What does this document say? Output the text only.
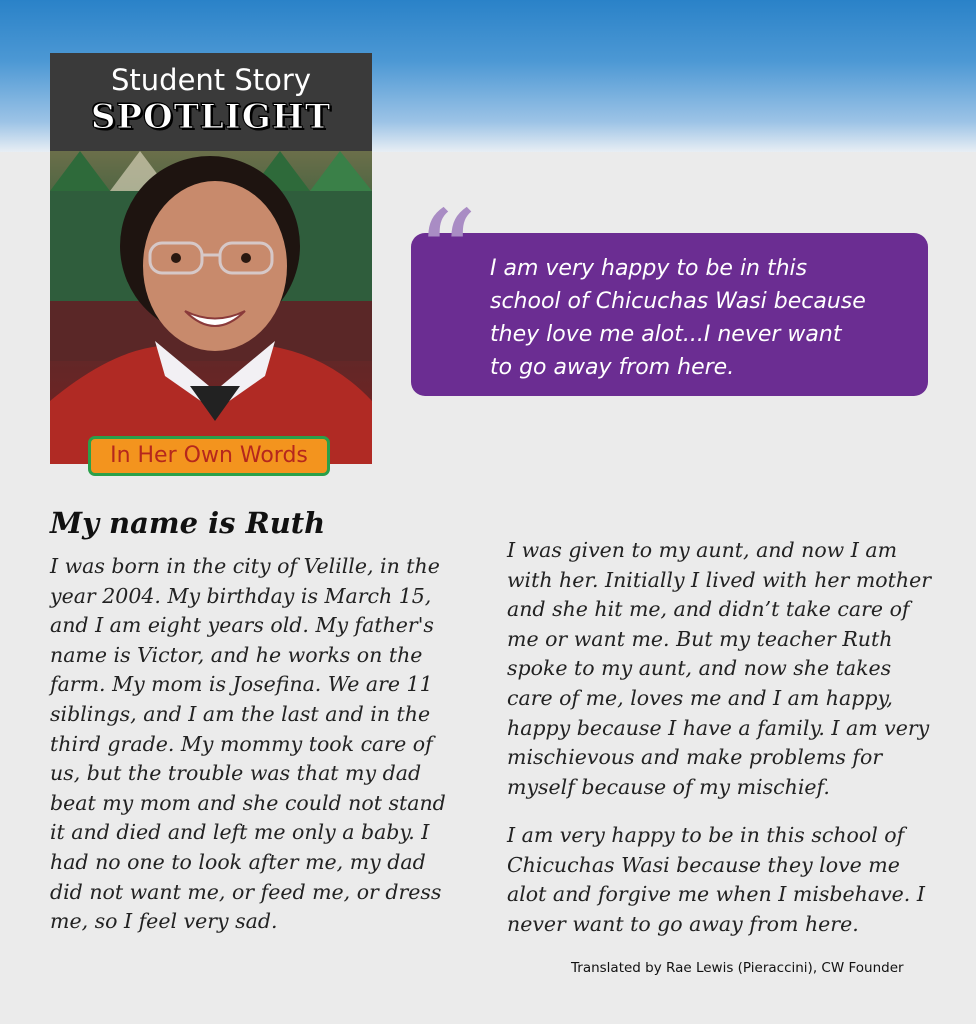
Student Story
SPOTLIGHT
In Her Own Words
“ I am very happy to be in this
school of Chicuchas Wasi because
they love me alot...I never want
to go away from here.
My name is Ruth
I was born in the city of Velille, in the
year 2004. My birthday is March 15,
and I am eight years old. My father's
name is Victor, and he works on the
farm. My mom is Josefina. We are 11
siblings, and I am the last and in the
third grade. My mommy took care of
us, but the trouble was that my dad
beat my mom and she could not stand
it and died and left me only a baby. I
had no one to look after me, my dad
did not want me, or feed me, or dress
me, so I feel very sad.
I was given to my aunt, and now I am
with her. Initially I lived with her mother
and she hit me, and didn’t take care of
me or want me. But my teacher Ruth
spoke to my aunt, and now she takes
care of me, loves me and I am happy,
happy because I have a family. I am very
mischievous and make problems for
myself because of my mischief.
I am very happy to be in this school of
Chicuchas Wasi because they love me
alot and forgive me when I misbehave. I
never want to go away from here.
Translated by Rae Lewis (Pieraccini), CW Founder
